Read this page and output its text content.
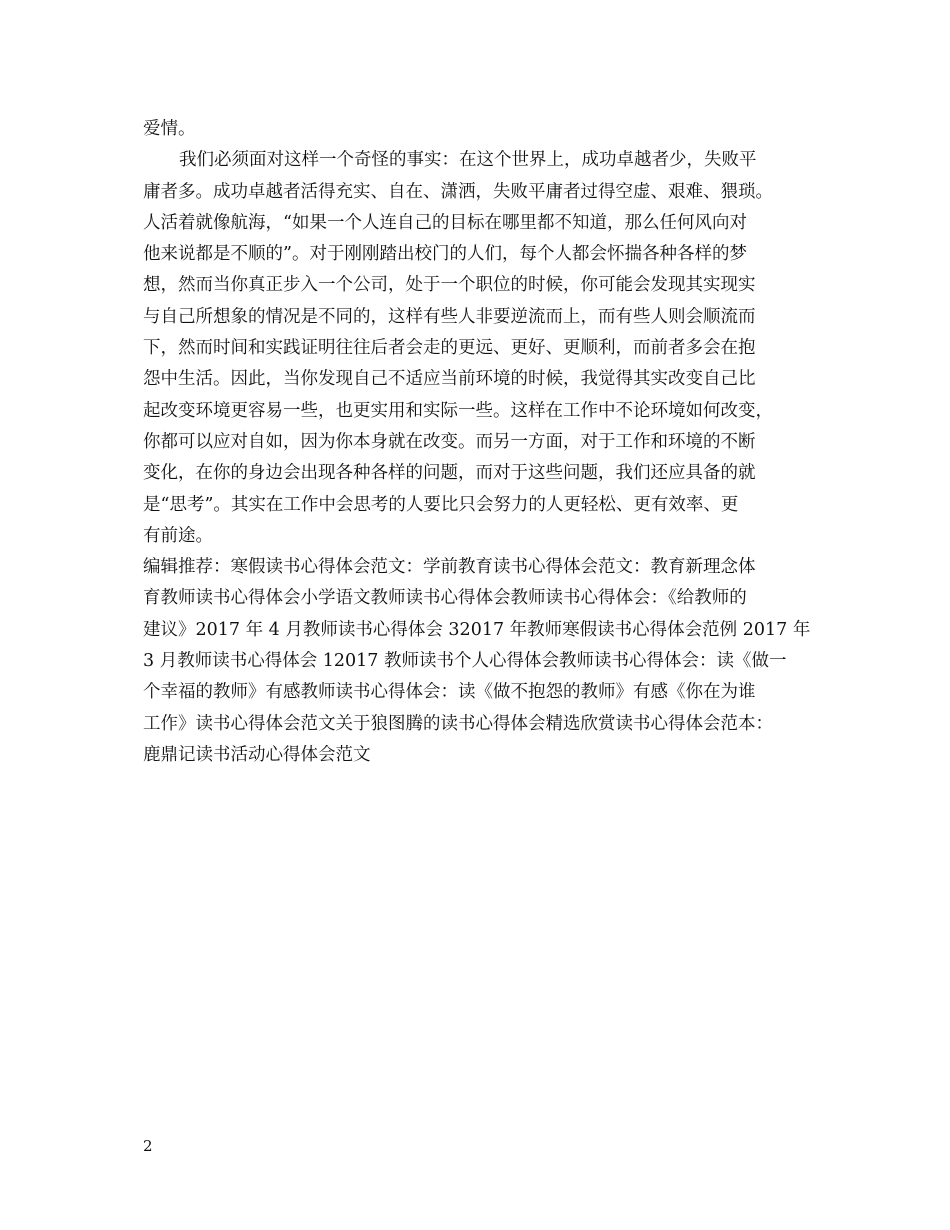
爱情。
我们必须面对这样一个奇怪的事实：在这个世界上，成功卓越者少，失败平
庸者多。成功卓越者活得充实、自在、潇洒，失败平庸者过得空虚、艰难、猥琐。
人活着就像航海，“如果一个人连自己的目标在哪里都不知道，那么任何风向对
他来说都是不顺的”。对于刚刚踏出校门的人们，每个人都会怀揣各种各样的梦
想，然而当你真正步入一个公司，处于一个职位的时候，你可能会发现其实现实
与自己所想象的情况是不同的，这样有些人非要逆流而上，而有些人则会顺流而
下，然而时间和实践证明往往后者会走的更远、更好、更顺利，而前者多会在抱
怨中生活。因此，当你发现自己不适应当前环境的时候，我觉得其实改变自己比
起改变环境更容易一些，也更实用和实际一些。这样在工作中不论环境如何改变，
你都可以应对自如，因为你本身就在改变。而另一方面，对于工作和环境的不断
变化，在你的身边会出现各种各样的问题，而对于这些问题，我们还应具备的就
是“思考”。其实在工作中会思考的人要比只会努力的人更轻松、更有效率、更
有前途。
编辑推荐：寒假读书心得体会范文：学前教育读书心得体会范文：教育新理念体
育教师读书心得体会小学语文教师读书心得体会教师读书心得体会：《给教师的
建议》2017 年 4 月教师读书心得体会 32017 年教师寒假读书心得体会范例 2017 年
3 月教师读书心得体会 12017 教师读书个人心得体会教师读书心得体会：读《做一
个幸福的教师》有感教师读书心得体会：读《做不抱怨的教师》有感《你在为谁
工作》读书心得体会范文关于狼图腾的读书心得体会精选欣赏读书心得体会范本：
鹿鼎记读书活动心得体会范文
2
